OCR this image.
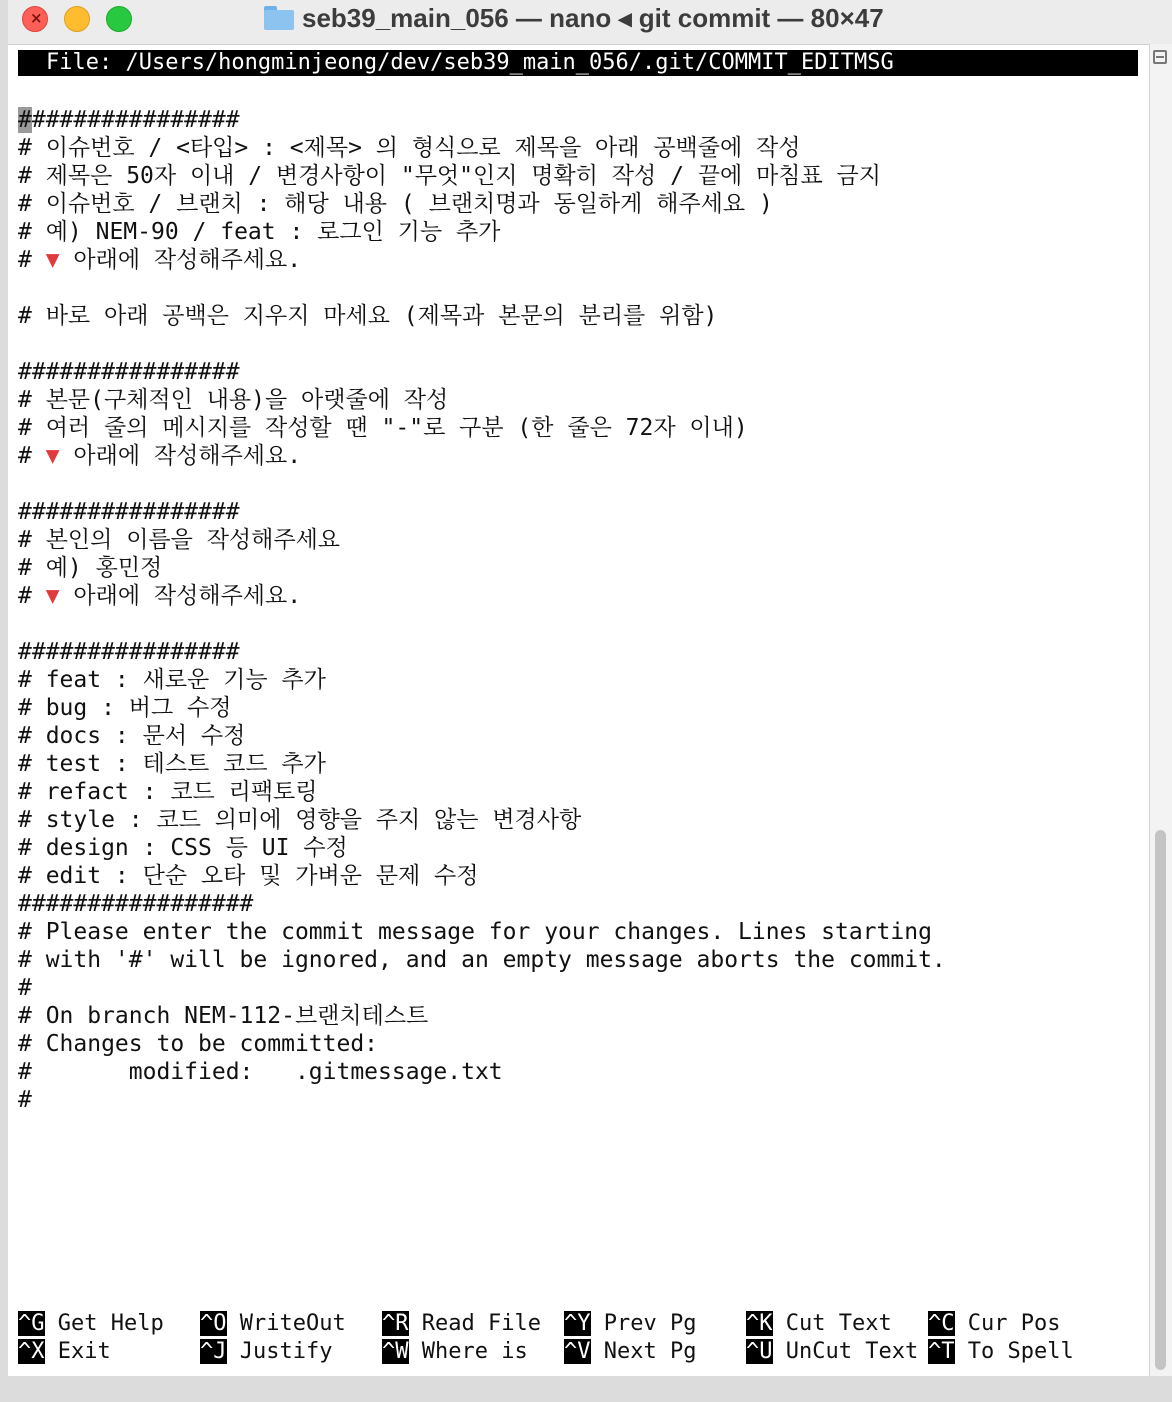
×	seb39_main_056 — nano ◂ git commit — 80×47
File: /Users/hongminjeong/dev/seb39_main_056/.git/COMMIT_EDITMSG
################
# 이슈번호 / <타입> : <제목> 의 형식으로 제목을 아래 공백줄에 작성
# 제목은 50자 이내 / 변경사항이 "무엇"인지 명확히 작성 / 끝에 마침표 금지
# 이슈번호 / 브랜치 : 해당 내용 ( 브랜치명과 동일하게 해주세요 )
# 예) NEM-90 / feat : 로그인 기능 추가
# ▼ 아래에 작성해주세요.
# 바로 아래 공백은 지우지 마세요 (제목과 본문의 분리를 위함)
################
# 본문(구체적인 내용)을 아랫줄에 작성
# 여러 줄의 메시지를 작성할 땐 "-"로 구분 (한 줄은 72자 이내)
# ▼ 아래에 작성해주세요.
################
# 본인의 이름을 작성해주세요
# 예) 홍민정
# ▼ 아래에 작성해주세요.
################
# feat : 새로운 기능 추가
# bug : 버그 수정
# docs : 문서 수정
# test : 테스트 코드 추가
# refact : 코드 리팩토링
# style : 코드 의미에 영향을 주지 않는 변경사항
# design : CSS 등 UI 수정
# edit : 단순 오타 및 가벼운 문제 수정
#################
# Please enter the commit message for your changes. Lines starting
# with '#' will be ignored, and an empty message aborts the commit.
#
# On branch NEM-112-브랜치테스트
# Changes to be committed:
#       modified:   .gitmessage.txt
#
^G Get Help ^O WriteOut ^R Read File ^Y Prev Pg ^K Cut Text ^C Cur Pos
^X Exit	^J Justify ^W Where is ^V Next Pg ^U UnCut Text ^T To Spell
